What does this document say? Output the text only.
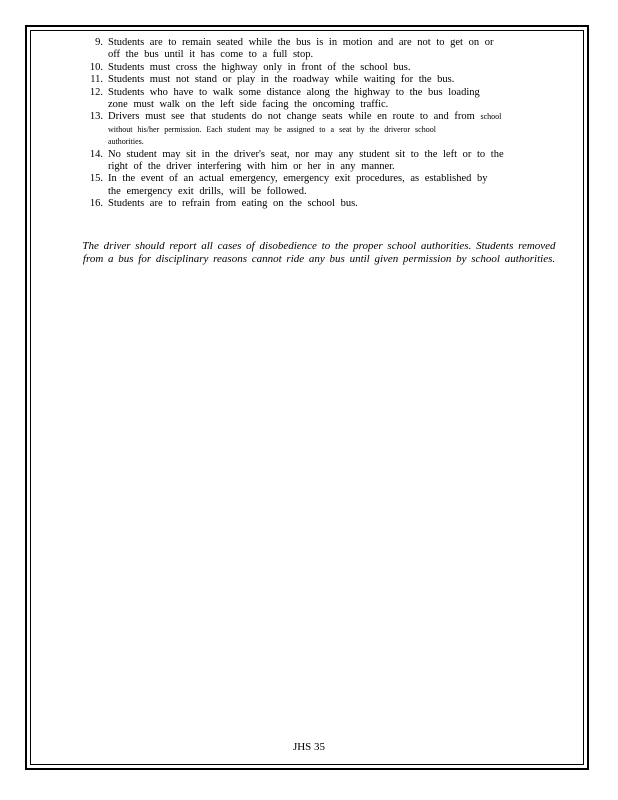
9. Students are to remain seated while the bus is in motion and are not to get on or
off the bus until it has come to a full stop.
10. Students must cross the highway only in front of the school bus.
11. Students must not stand or play in the roadway while waiting for the bus.
12. Students who have to walk some distance along the highway to the bus loading
zone must walk on the left side facing the oncoming traffic.
13. Drivers must see that students do not change seats while en route to and from school
without his/her permission. Each student may be assigned to a seat by the driveror school
authorities.
14. No student may sit in the driver's seat, nor may any student sit to the left or to the
right of the driver interfering with him or her in any manner.
15. In the event of an actual emergency, emergency exit procedures, as established by
the emergency exit drills, will be followed.
16. Students are to refrain from eating on the school bus.

The driver should report all cases of disobedience to the proper school authorities. Students removed from a bus for disciplinary reasons cannot ride any bus until given permission by school authorities.

JHS 35
